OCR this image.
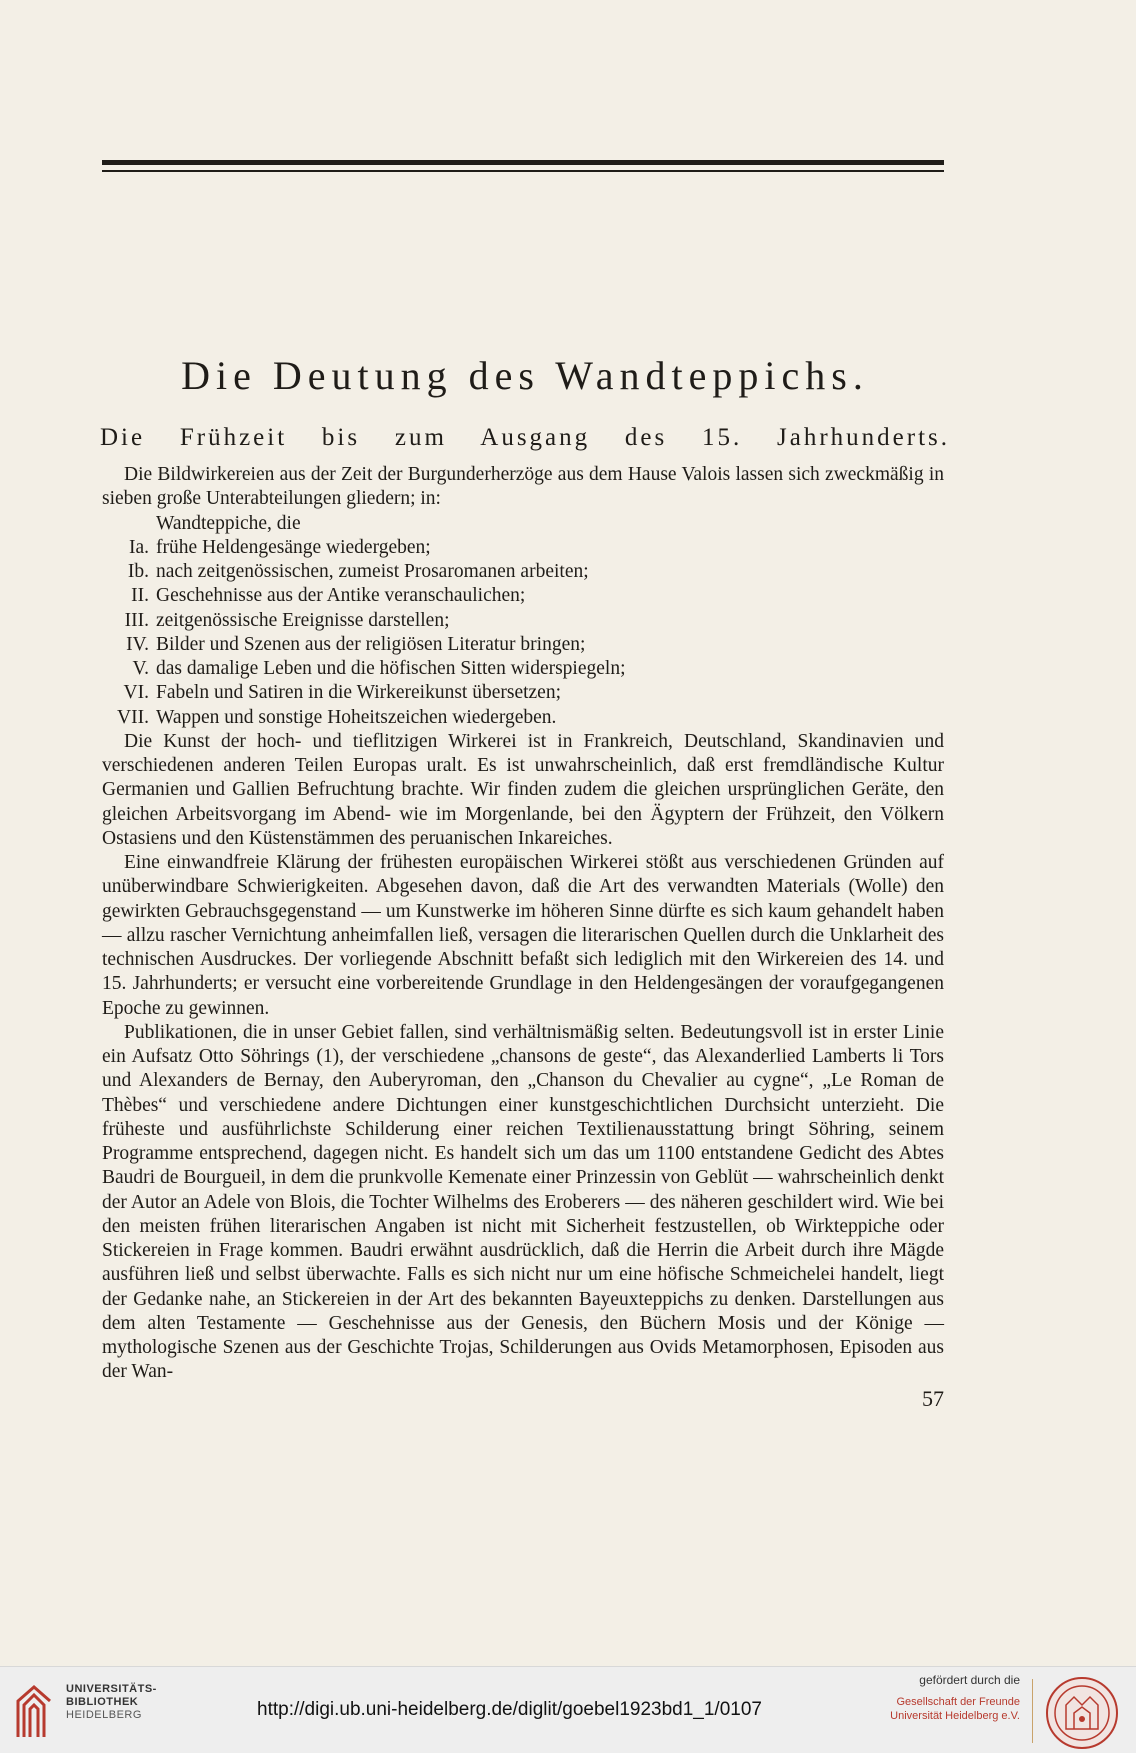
Die Deutung des Wandteppichs.
Die Frühzeit bis zum Ausgang des 15. Jahrhunderts.

Die Bildwirkereien aus der Zeit der Burgunderherzöge aus dem Hause Valois lassen sich zweckmäßig in sieben große Unterabteilungen gliedern; in:

Wandteppiche, die
Ia. frühe Heldengesänge wiedergeben;
Ib. nach zeitgenössischen, zumeist Prosaromanen arbeiten;
II. Geschehnisse aus der Antike veranschaulichen;
III. zeitgenössische Ereignisse darstellen;
IV. Bilder und Szenen aus der religiösen Literatur bringen;
V. das damalige Leben und die höfischen Sitten widerspiegeln;
VI. Fabeln und Satiren in die Wirkereikunst übersetzen;
VII. Wappen und sonstige Hoheitszeichen wiedergeben.

Die Kunst der hoch- und tieflitzigen Wirkerei ist in Frankreich, Deutschland, Skandinavien und verschiedenen anderen Teilen Europas uralt. Es ist unwahrscheinlich, daß erst fremdländische Kultur Germanien und Gallien Befruchtung brachte. Wir finden zudem die gleichen ursprünglichen Geräte, den gleichen Arbeitsvorgang im Abend- wie im Morgenlande, bei den Ägyptern der Frühzeit, den Völkern Ostasiens und den Küstenstämmen des peruanischen Inkareiches.

Eine einwandfreie Klärung der frühesten europäischen Wirkerei stößt aus verschiedenen Gründen auf unüberwindbare Schwierigkeiten. Abgesehen davon, daß die Art des verwandten Materials (Wolle) den gewirkten Gebrauchsgegenstand — um Kunstwerke im höheren Sinne dürfte es sich kaum gehandelt haben — allzu rascher Vernichtung anheimfallen ließ, versagen die literarischen Quellen durch die Unklarheit des technischen Ausdruckes. Der vorliegende Abschnitt befaßt sich lediglich mit den Wirkereien des 14. und 15. Jahrhunderts; er versucht eine vorbereitende Grundlage in den Heldengesängen der voraufgegangenen Epoche zu gewinnen.

Publikationen, die in unser Gebiet fallen, sind verhältnismäßig selten. Bedeutungsvoll ist in erster Linie ein Aufsatz Otto Söhrings (1), der verschiedene „chansons de geste“, das Alexanderlied Lamberts li Tors und Alexanders de Bernay, den Auberyroman, den „Chanson du Chevalier au cygne“, „Le Roman de Thèbes“ und verschiedene andere Dichtungen einer kunstgeschichtlichen Durchsicht unterzieht. Die früheste und ausführlichste Schilderung einer reichen Textilienausstattung bringt Söhring, seinem Programme entsprechend, dagegen nicht. Es handelt sich um das um 1100 entstandene Gedicht des Abtes Baudri de Bourgueil, in dem die prunkvolle Kemenate einer Prinzessin von Geblüt — wahrscheinlich denkt der Autor an Adele von Blois, die Tochter Wilhelms des Eroberers — des näheren geschildert wird. Wie bei den meisten frühen literarischen Angaben ist nicht mit Sicherheit festzustellen, ob Wirkteppiche oder Stickereien in Frage kommen. Baudri erwähnt ausdrücklich, daß die Herrin die Arbeit durch ihre Mägde ausführen ließ und selbst überwachte. Falls es sich nicht nur um eine höfische Schmeichelei handelt, liegt der Gedanke nahe, an Stickereien in der Art des bekannten Bayeuxteppichs zu denken. Darstellungen aus dem alten Testamente — Geschehnisse aus der Genesis, den Büchern Mosis und der Könige — mythologische Szenen aus der Geschichte Trojas, Schilderungen aus Ovids Metamorphosen, Episoden aus der Wan-

57
UNIVERSITÄTS-
BIBLIOTHEK
HEIDELBERG	http://digi.ub.uni-heidelberg.de/diglit/goebel1923bd1_1/0107
gefördert durch die
Gesellschaft der Freunde
Universität Heidelberg e.V.
